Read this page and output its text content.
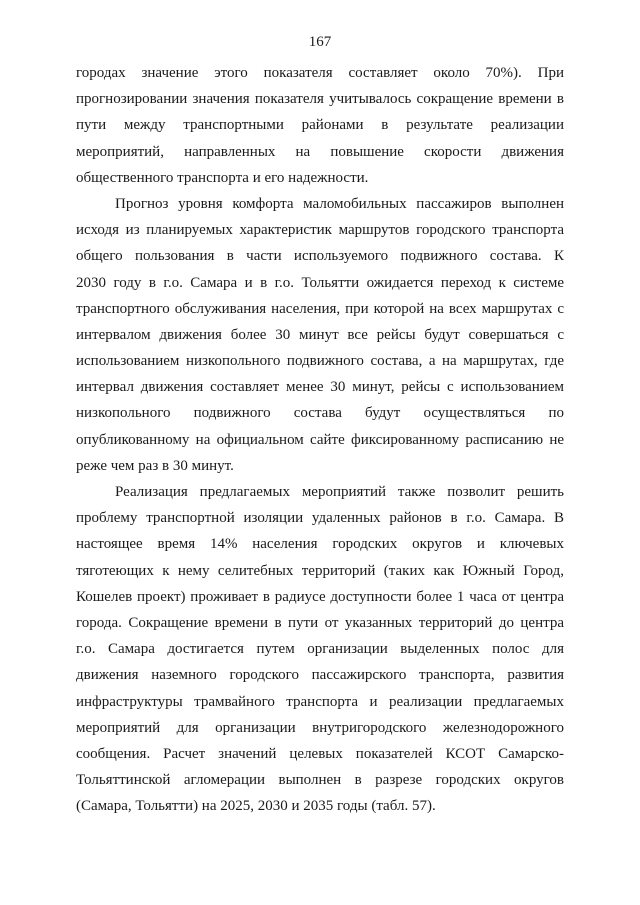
167
городах значение этого показателя составляет около 70%). При
прогнозировании значения показателя учитывалось сокращение времени в
пути между транспортными районами в результате реализации
мероприятий, направленных на повышение скорости движения
общественного транспорта и его надежности.
Прогноз уровня комфорта маломобильных пассажиров выполнен
исходя из планируемых характеристик маршрутов городского транспорта
общего пользования в части используемого подвижного состава. К
2030 году в г.о. Самара и в г.о. Тольятти ожидается переход к системе
транспортного обслуживания населения, при которой на всех маршрутах с
интервалом движения более 30 минут все рейсы будут совершаться с
использованием низкопольного подвижного состава, а на маршрутах, где
интервал движения составляет менее 30 минут, рейсы с использованием
низкопольного подвижного состава будут осуществляться по
опубликованному на официальном сайте фиксированному расписанию не
реже чем раз в 30 минут.
Реализация предлагаемых мероприятий также позволит решить
проблему транспортной изоляции удаленных районов в г.о. Самара. В
настоящее время 14% населения городских округов и ключевых
тяготеющих к нему селитебных территорий (таких как Южный Город,
Кошелев проект) проживает в радиусе доступности более 1 часа от центра
города. Сокращение времени в пути от указанных территорий до центра
г.о. Самара достигается путем организации выделенных полос для
движения наземного городского пассажирского транспорта, развития
инфраструктуры трамвайного транспорта и реализации предлагаемых
мероприятий для организации внутригородского железнодорожного
сообщения. Расчет значений целевых показателей КСОТ Самарско-
Тольяттинской агломерации выполнен в разрезе городских округов
(Самара, Тольятти) на 2025, 2030 и 2035 годы (табл. 57).
